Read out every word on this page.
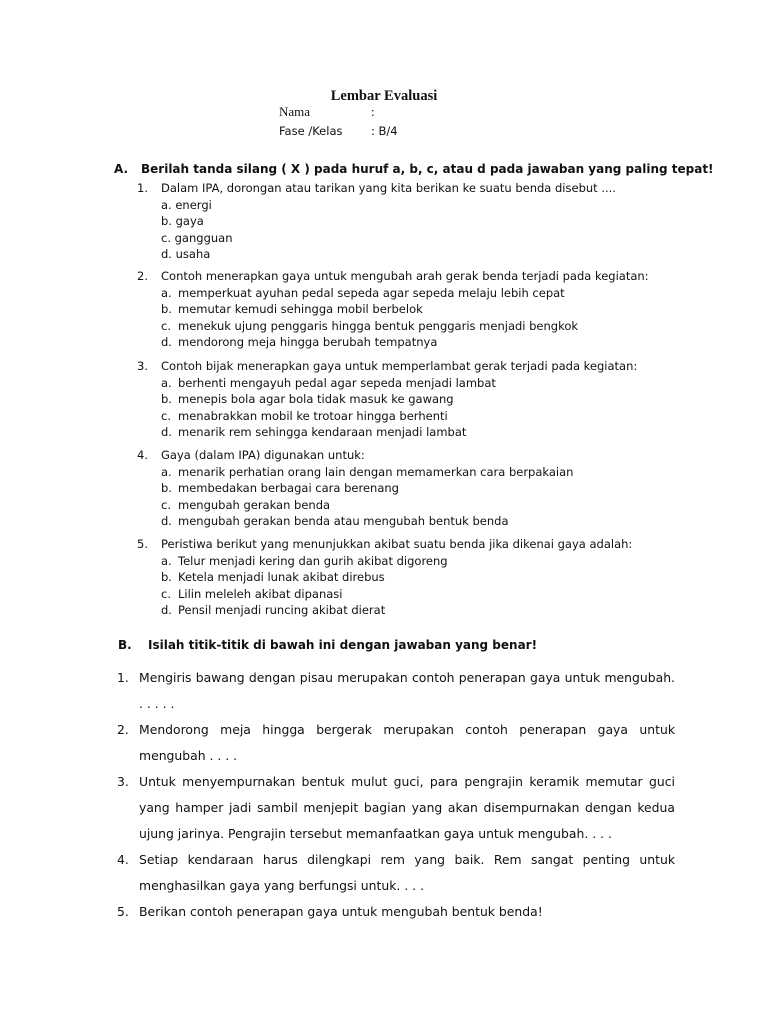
Lembar Evaluasi
Nama	:
Fase /Kelas : B/4
A. Berilah tanda silang ( X ) pada huruf a, b, c, atau d pada jawaban yang paling tepat!
1. Dalam IPA, dorongan atau tarikan yang kita berikan ke suatu benda disebut ....
a. energi
b. gaya
c. gangguan
d. usaha
2. Contoh menerapkan gaya untuk mengubah arah gerak benda terjadi pada kegiatan:
a. memperkuat ayuhan pedal sepeda agar sepeda melaju lebih cepat
b. memutar kemudi sehingga mobil berbelok
c. menekuk ujung penggaris hingga bentuk penggaris menjadi bengkok
d. mendorong meja hingga berubah tempatnya
3. Contoh bijak menerapkan gaya untuk memperlambat gerak terjadi pada kegiatan:
a. berhenti mengayuh pedal agar sepeda menjadi lambat
b. menepis bola agar bola tidak masuk ke gawang
c. menabrakkan mobil ke trotoar hingga berhenti
d. menarik rem sehingga kendaraan menjadi lambat
4. Gaya (dalam IPA) digunakan untuk:
a. menarik perhatian orang lain dengan memamerkan cara berpakaian
b. membedakan berbagai cara berenang
c. mengubah gerakan benda
d. mengubah gerakan benda atau mengubah bentuk benda
5. Peristiwa berikut yang menunjukkan akibat suatu benda jika dikenai gaya adalah:
a. Telur menjadi kering dan gurih akibat digoreng
b. Ketela menjadi lunak akibat direbus
c. Lilin meleleh akibat dipanasi
d. Pensil menjadi runcing akibat dierat
B. Isilah titik-titik di bawah ini dengan jawaban yang benar!
1. Mengiris bawang dengan pisau merupakan contoh penerapan gaya untuk mengubah. . . . . .
2. Mendorong meja hingga bergerak merupakan contoh penerapan gaya untuk mengubah . . . .
3. Untuk menyempurnakan bentuk mulut guci, para pengrajin keramik memutar guci yang hamper jadi sambil menjepit bagian yang akan disempurnakan dengan kedua ujung jarinya. Pengrajin tersebut memanfaatkan gaya untuk mengubah. . . .
4. Setiap kendaraan harus dilengkapi rem yang baik. Rem sangat penting untuk menghasilkan gaya yang berfungsi untuk. . . .
5. Berikan contoh penerapan gaya untuk mengubah bentuk benda!
